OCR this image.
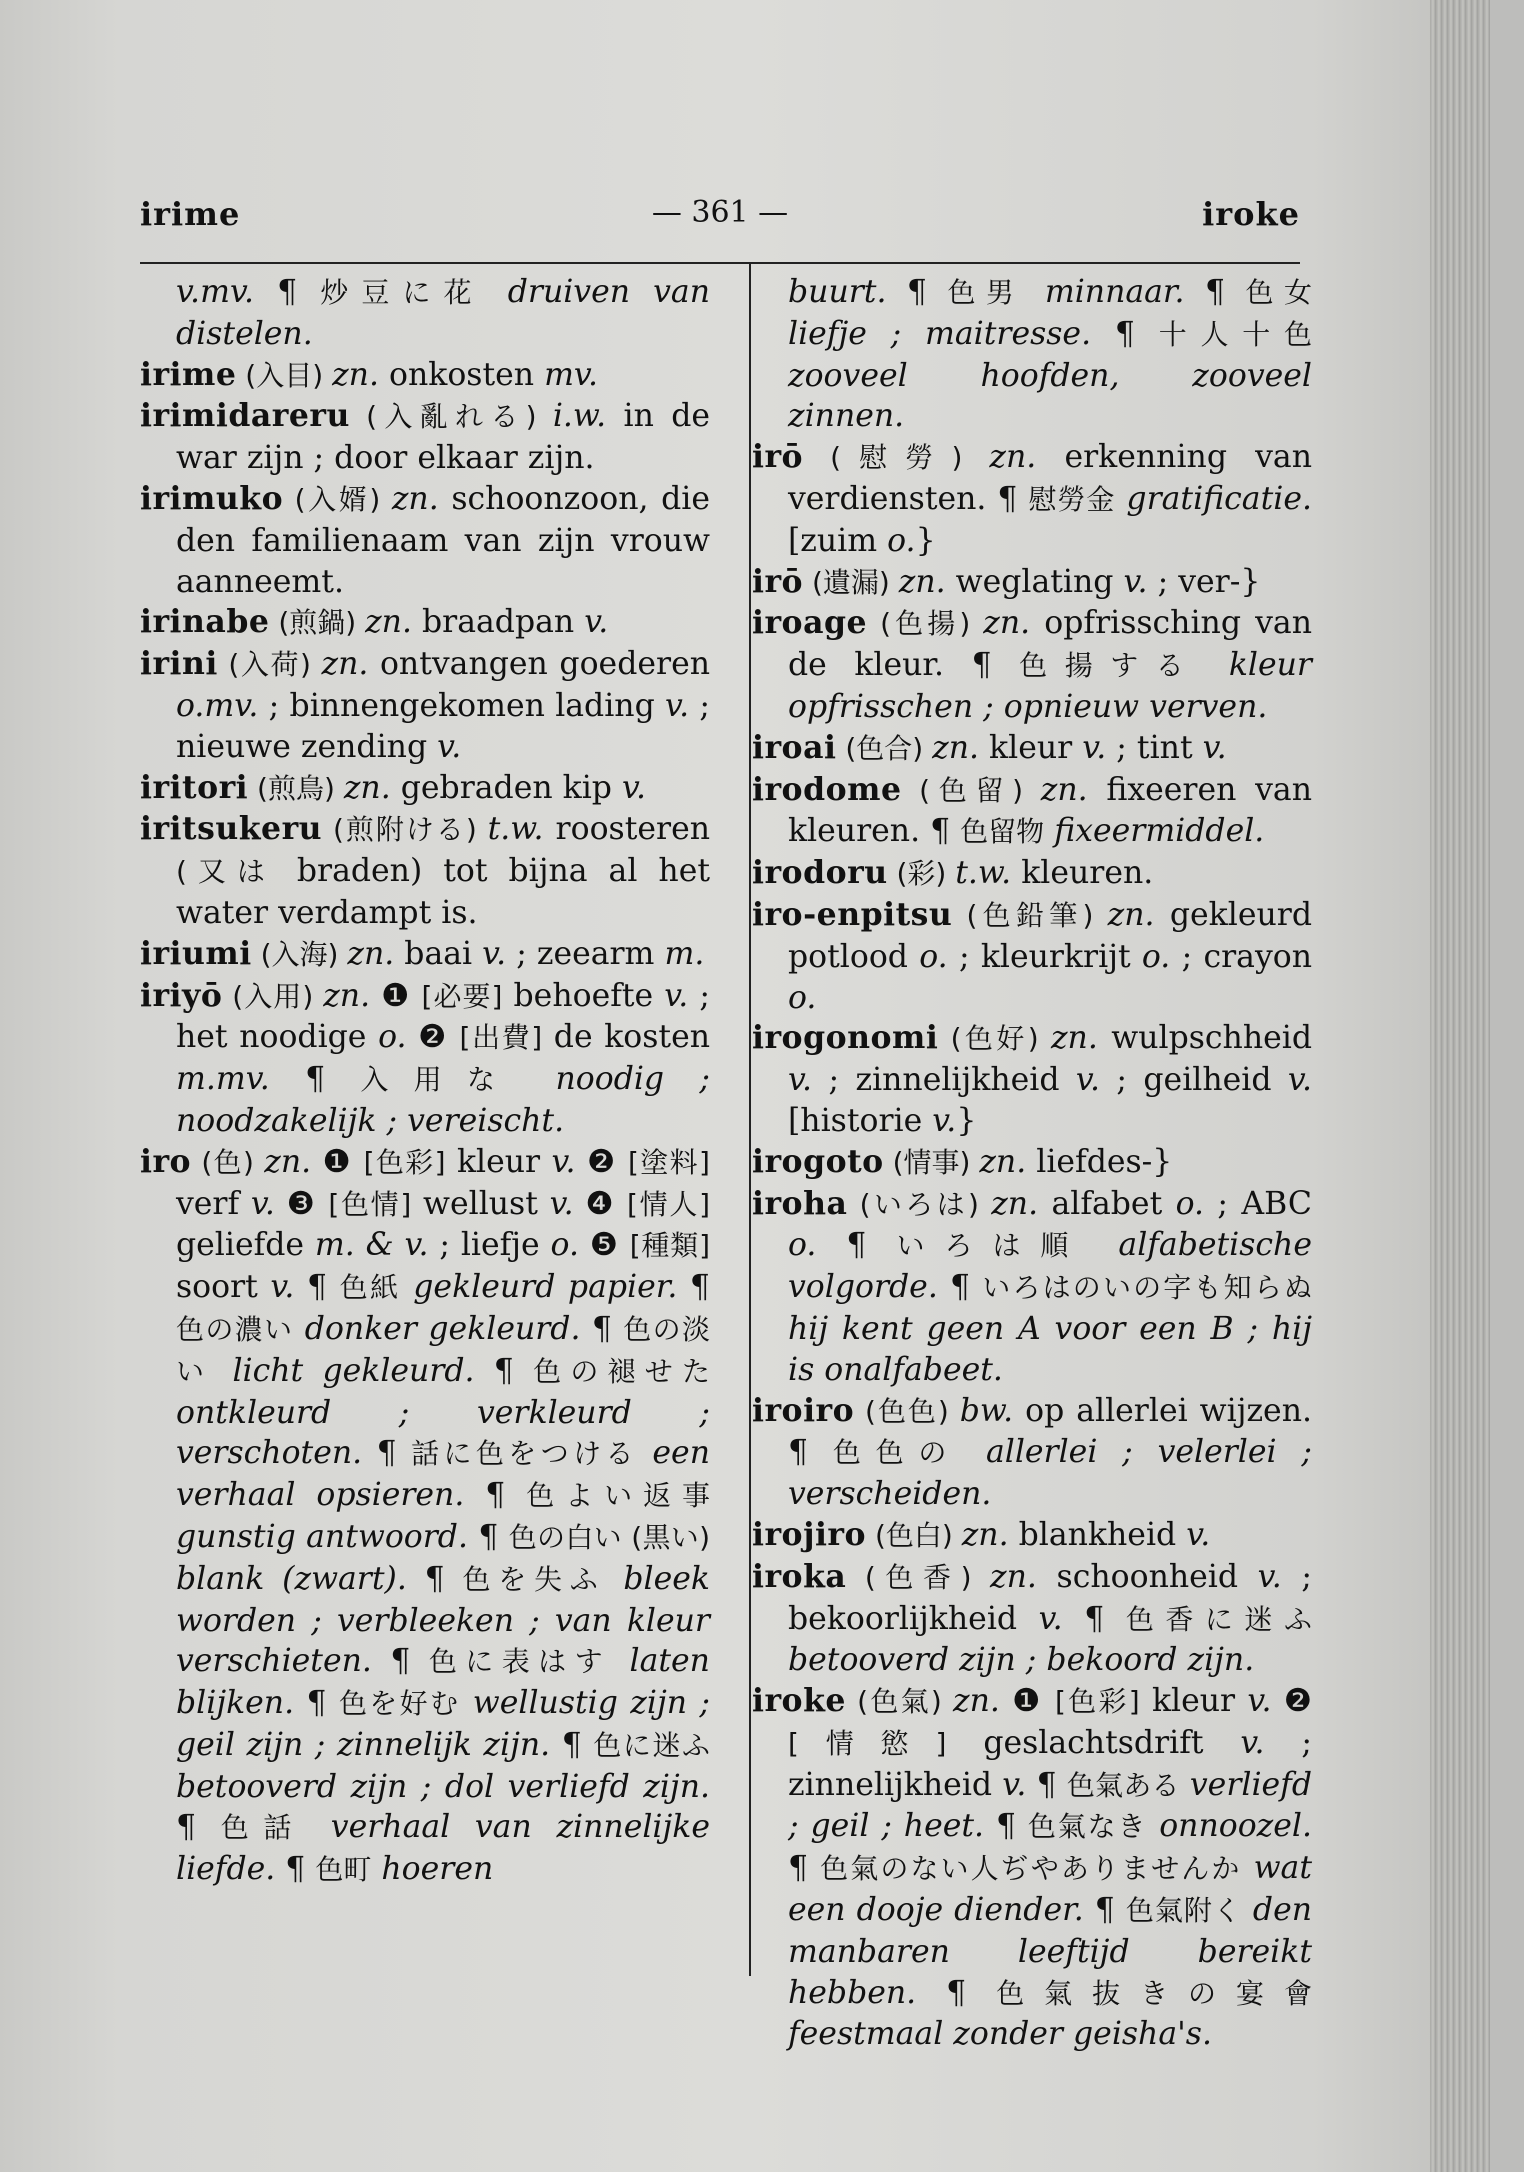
irime	— 361 —	iroke

v.mv. ¶ 炒豆に花 druiven van distelen.

irime (入目) zn. onkosten mv.

irimidareru (入亂れる) i.w. in de war zijn ; door elkaar zijn.

irimuko (入婿) zn. schoonzoon, die den familienaam van zijn vrouw aanneemt.

irinabe (煎鍋) zn. braadpan v.

irini (入荷) zn. ontvangen goederen o.mv. ; binnengekomen lading v. ; nieuwe zending v.

iritori (煎鳥) zn. gebraden kip v.

iritsukeru (煎附ける) t.w. roosteren (又は braden) tot bijna al het water verdampt is.

iriumi (入海) zn. baai v. ; zeearm m.

iriyō (入用) zn. ❶ [必要] behoefte v. ; het noodige o. ❷ [出費] de kosten m.mv. ¶ 入用な noodig ; noodzakelijk ; vereischt.

iro (色) zn. ❶ [色彩] kleur v. ❷ [塗料] verf v. ❸ [色情] wellust v. ❹ [情人] geliefde m. & v. ; liefje o. ❺ [種類] soort v. ¶ 色紙 gekleurd papier. ¶ 色の濃い donker gekleurd. ¶ 色の淡い licht gekleurd. ¶ 色の褪せた ontkleurd ; verkleurd ; verschoten. ¶ 話に色をつける een verhaal opsieren. ¶ 色よい返事 gunstig antwoord. ¶ 色の白い (黒い) blank (zwart). ¶ 色を失ふ bleek worden ; verbleeken ; van kleur verschieten. ¶ 色に表はす laten blijken. ¶ 色を好む wellustig zijn ; geil zijn ; zinnelijk zijn. ¶ 色に迷ふ betooverd zijn ; dol verliefd zijn. ¶ 色話 verhaal van zinnelijke liefde. ¶ 色町 hoeren

buurt. ¶ 色男 minnaar. ¶ 色女 liefje ; maitresse. ¶ 十人十色 zooveel hoofden, zooveel zinnen.

irō (慰勞) zn. erkenning van verdiensten. ¶ 慰勞金 gratificatie. [zuim o.}

irō (遺漏) zn. weglating v. ; ver-}

iroage (色揚) zn. opfrissching van de kleur. ¶ 色揚する kleur opfrisschen ; opnieuw verven.

iroai (色合) zn. kleur v. ; tint v.

irodome (色留) zn. fixeeren van kleuren. ¶ 色留物 fixeermiddel.

irodoru (彩) t.w. kleuren.

iro-enpitsu (色鉛筆) zn. gekleurd potlood o. ; kleurkrijt o. ; crayon o.

irogonomi (色好) zn. wulpschheid v. ; zinnelijkheid v. ; geilheid v. [historie v.}

irogoto (情事) zn. liefdes-}

iroha (いろは) zn. alfabet o. ; ABC o. ¶ いろは順 alfabetische volgorde. ¶ いろはのいの字も知らぬ hij kent geen A voor een B ; hij is onalfabeet.

iroiro (色色) bw. op allerlei wijzen. ¶ 色色の allerlei ; velerlei ; verscheiden.

irojiro (色白) zn. blankheid v.

iroka (色香) zn. schoonheid v. ; bekoorlijkheid v. ¶ 色香に迷ふ betooverd zijn ; bekoord zijn.

iroke (色氣) zn. ❶ [色彩] kleur v. ❷ [情慾] geslachtsdrift v. ; zinnelijkheid v. ¶ 色氣ある verliefd ; geil ; heet. ¶ 色氣なき onnoozel. ¶ 色氣のない人ぢやありませんか wat een dooje diender. ¶ 色氣附く den manbaren leeftijd bereikt hebben. ¶ 色氣抜きの宴會 feestmaal zonder geisha's.
